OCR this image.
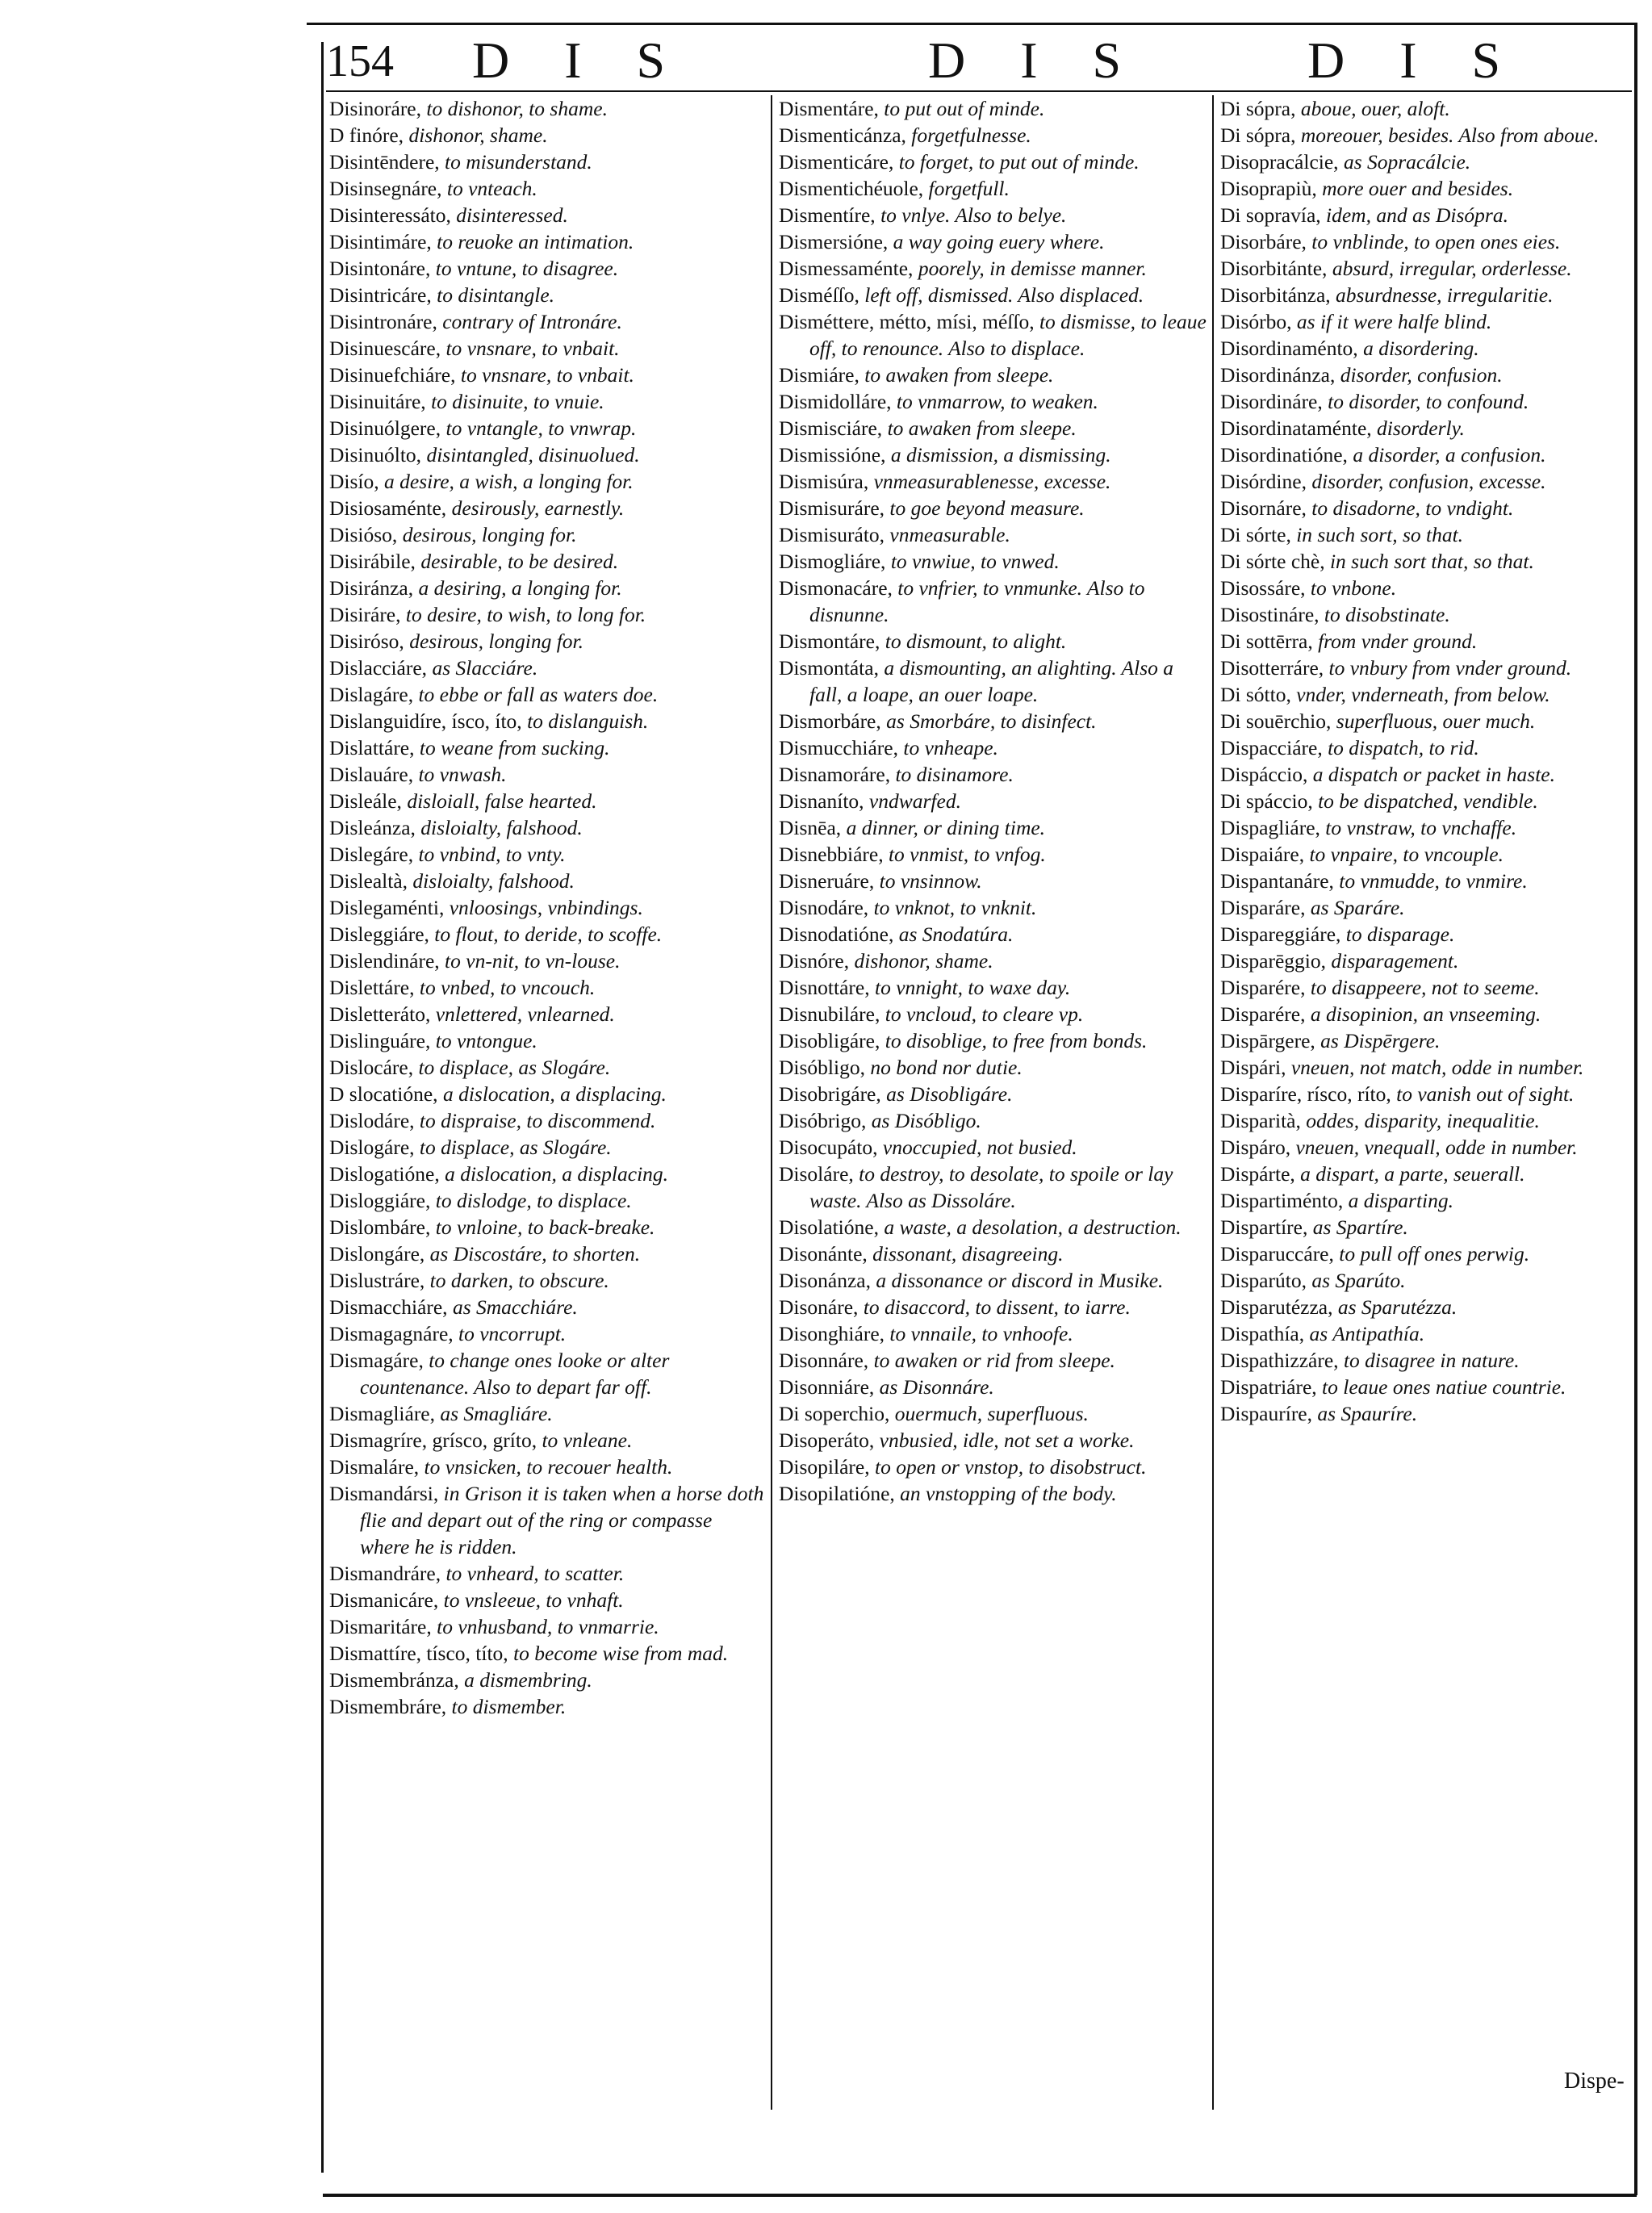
154 D I S	D I S	D I S

Disinoráre, to dishonor, to shame.

D finóre, dishonor, shame.

Disintēndere, to misunderstand.

Disinsegnáre, to vnteach.

Disinteressáto, disinteressed.

Disintimáre, to reuoke an intimation.

Disintonáre, to vntune, to disagree.

Disintricáre, to disintangle.

Disintronáre, contrary of Intronáre.

Disinuescáre, to vnsnare, to vnbait.

Disinuefchiáre, to vnsnare, to vnbait.

Disinuitáre, to disinuite, to vnuie.

Disinuólgere, to vntangle, to vnwrap.

Disinuólto, disintangled, disinuolued.

Disío, a desire, a wish, a longing for.

Disiosaménte, desirously, earnestly.

Disióso, desirous, longing for.

Disirábile, desirable, to be desired.

Disiránza, a desiring, a longing for.

Disiráre, to desire, to wish, to long for.

Disiróso, desirous, longing for.

Dislacciáre, as Slacciáre.

Dislagáre, to ebbe or fall as waters doe.

Dislanguidíre, ísco, íto, to dislanguish.

Dislattáre, to weane from sucking.

Dislauáre, to vnwash.

Disleále, disloiall, false hearted.

Disleánza, disloialty, falshood.

Dislegáre, to vnbind, to vnty.

Dislealtà, disloialty, falshood.

Dislegaménti, vnloosings, vnbindings.

Disleggiáre, to flout, to deride, to scoffe.

Dislendináre, to vn-nit, to vn-louse.

Dislettáre, to vnbed, to vncouch.

Disletteráto, vnlettered, vnlearned.

Dislinguáre, to vntongue.

Dislocáre, to displace, as Slogáre.

D slocatióne, a dislocation, a displacing.

Dislodáre, to dispraise, to discommend.

Dislogáre, to displace, as Slogáre.

Dislogatióne, a dislocation, a displacing.

Disloggiáre, to dislodge, to displace.

Dislombáre, to vnloine, to back-breake.

Dislongáre, as Discostáre, to shorten.

Dislustráre, to darken, to obscure.

Dismacchiáre, as Smacchiáre.

Dismagagnáre, to vncorrupt.

Dismagáre, to change ones looke or alter countenance. Also to depart far off.

Dismagliáre, as Smagliáre.

Dismagríre, grísco, gríto, to vnleane.

Dismaláre, to vnsicken, to recouer health.

Dismandársi, in Grison it is taken when a horse doth flie and depart out of the ring or compasse where he is ridden.

Dismandráre, to vnheard, to scatter.

Dismanicáre, to vnsleeue, to vnhaft.

Dismaritáre, to vnhusband, to vnmarrie.

Dismattíre, tísco, títo, to become wise from mad.

Dismembránza, a dismembring.

Dismembráre, to dismember.

Dismentáre, to put out of minde.

Dismenticánza, forgetfulnesse.

Dismenticáre, to forget, to put out of minde.

Dismentichéuole, forgetfull.

Dismentíre, to vnlye. Also to belye.

Dismersióne, a way going euery where.

Dismessaménte, poorely, in demisse manner.

Disméſſo, left off, dismissed. Also displaced.

Disméttere, métto, mísi, méſſo, to dismisse, to leaue off, to renounce. Also to displace.

Dismiáre, to awaken from sleepe.

Dismidolláre, to vnmarrow, to weaken.

Dismisciáre, to awaken from sleepe.

Dismissióne, a dismission, a dismissing.

Dismisúra, vnmeasurablenesse, excesse.

Dismisuráre, to goe beyond measure.

Dismisuráto, vnmeasurable.

Dismogliáre, to vnwiue, to vnwed.

Dismonacáre, to vnfrier, to vnmunke. Also to disnunne.

Dismontáre, to dismount, to alight.

Dismontáta, a dismounting, an alighting. Also a fall, a loape, an ouer loape.

Dismorbáre, as Smorbáre, to disinfect.

Dismucchiáre, to vnheape.

Disnamoráre, to disinamore.

Disnaníto, vndwarfed.

Disnēa, a dinner, or dining time.

Disnebbiáre, to vnmist, to vnfog.

Disneruáre, to vnsinnow.

Disnodáre, to vnknot, to vnknit.

Disnodatióne, as Snodatúra.

Disnóre, dishonor, shame.

Disnottáre, to vnnight, to waxe day.

Disnubiláre, to vncloud, to cleare vp.

Disobligáre, to disoblige, to free from bonds.

Disóbligo, no bond nor dutie.

Disobrigáre, as Disobligáre.

Disóbrigo, as Disóbligo.

Disocupáto, vnoccupied, not busied.

Disoláre, to destroy, to desolate, to spoile or lay waste. Also as Dissoláre.

Disolatióne, a waste, a desolation, a destruction.

Disonánte, dissonant, disagreeing.

Disonánza, a dissonance or discord in Musike.

Disonáre, to disaccord, to dissent, to iarre.

Disonghiáre, to vnnaile, to vnhoofe.

Disonnáre, to awaken or rid from sleepe.

Disonniáre, as Disonnáre.

Di soperchio, ouermuch, superfluous.

Disoperáto, vnbusied, idle, not set a worke.

Disopiláre, to open or vnstop, to disobstruct.

Disopilatióne, an vnstopping of the body.

Di sópra, aboue, ouer, aloft.

Di sópra, moreouer, besides. Also from aboue.

Disopracálcie, as Sopracálcie.

Disoprapiù, more ouer and besides.

Di sopravía, idem, and as Disópra.

Disorbáre, to vnblinde, to open ones eies.

Disorbitánte, absurd, irregular, orderlesse.

Disorbitánza, absurdnesse, irregularitie.

Disórbo, as if it were halfe blind.

Disordinaménto, a disordering.

Disordinánza, disorder, confusion.

Disordináre, to disorder, to confound.

Disordinataménte, disorderly.

Disordinatióne, a disorder, a confusion.

Disórdine, disorder, confusion, excesse.

Disornáre, to disadorne, to vndight.

Di sórte, in such sort, so that.

Di sórte chè, in such sort that, so that.

Disossáre, to vnbone.

Disostináre, to disobstinate.

Di sottērra, from vnder ground.

Disotterráre, to vnbury from vnder ground.

Di sótto, vnder, vnderneath, from below.

Di souērchio, superfluous, ouer much.

Dispacciáre, to dispatch, to rid.

Dispáccio, a dispatch or packet in haste.

Di spáccio, to be dispatched, vendible.

Dispagliáre, to vnstraw, to vnchaffe.

Dispaiáre, to vnpaire, to vncouple.

Dispantanáre, to vnmudde, to vnmire.

Disparáre, as Sparáre.

Dispareggiáre, to disparage.

Disparēggio, disparagement.

Disparére, to disappeere, not to seeme.

Disparére, a disopinion, an vnseeming.

Dispārgere, as Dispērgere.

Dispári, vneuen, not match, odde in number.

Disparíre, rísco, ríto, to vanish out of sight.

Disparità, oddes, disparity, inequalitie.

Dispáro, vneuen, vnequall, odde in number.

Dispárte, a dispart, a parte, seuerall.

Dispartiménto, a disparting.

Dispartíre, as Spartíre.

Disparuccáre, to pull off ones perwig.

Disparúto, as Sparúto.

Disparutézza, as Sparutézza.

Dispathía, as Antipathía.

Dispathizzáre, to disagree in nature.

Dispatriáre, to leaue ones natiue countrie.

Dispauríre, as Spauríre.

Dispe-
